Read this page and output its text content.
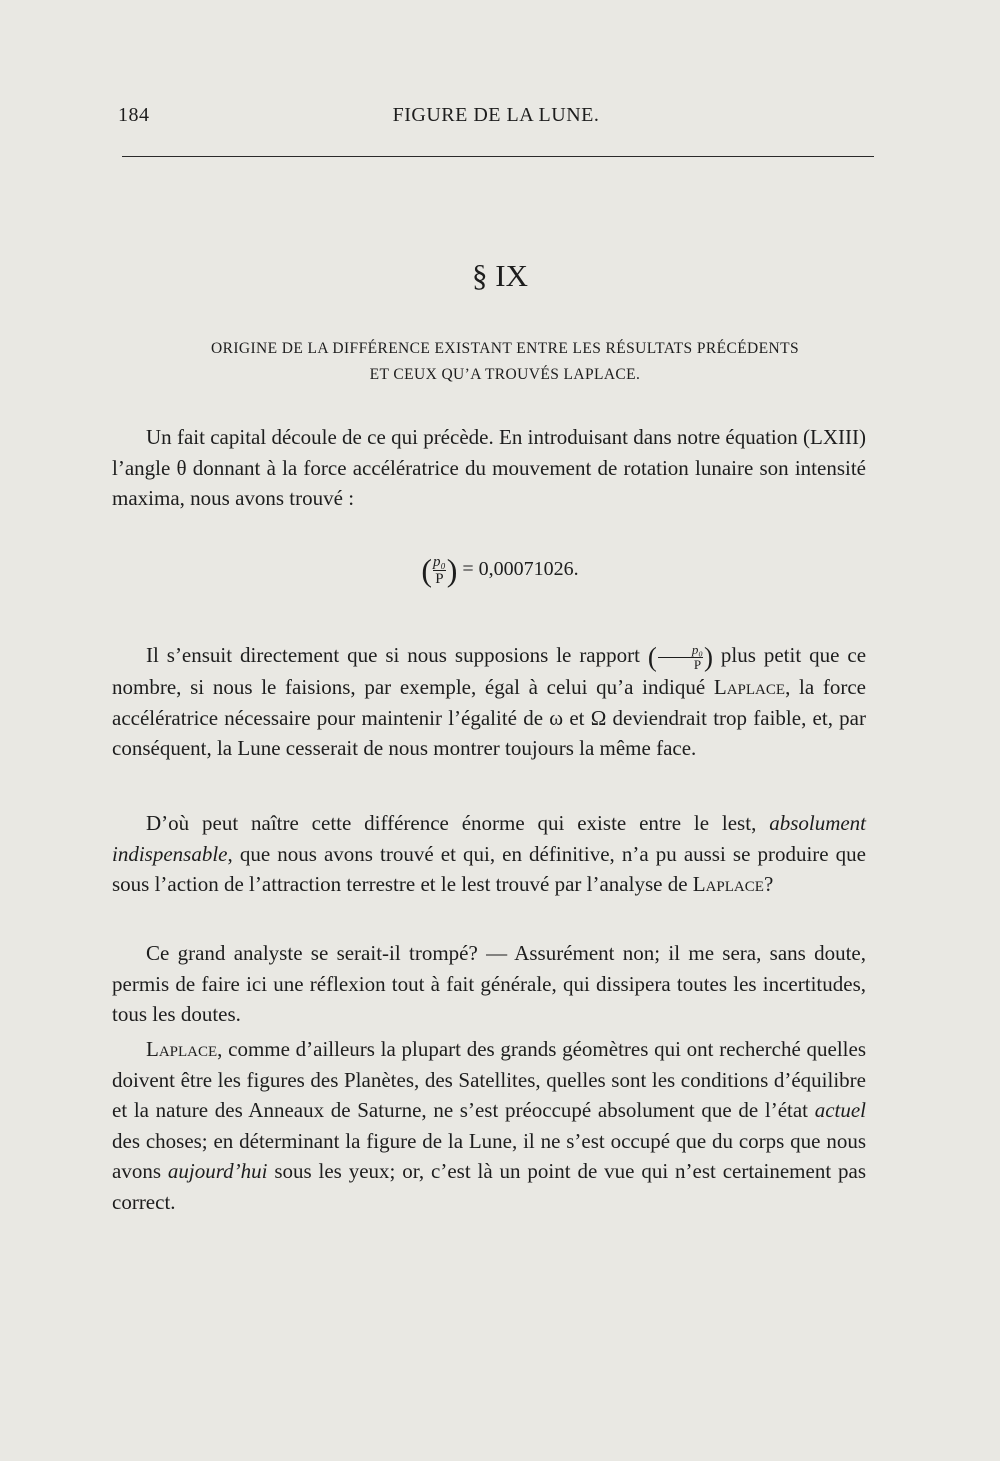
184	FIGURE DE LA LUNE.
§ IX
ORIGINE DE LA DIFFÉRENCE EXISTANT ENTRE LES RÉSULTATS PRÉCÉDENTS
ET CEUX QU’A TROUVÉS LAPLACE.

Un fait capital découle de ce qui précède. En introduisant dans notre équation (LXIII) l’angle θ donnant à la force accélératrice du mouvement de rotation lunaire son intensité maxima, nous avons trouvé :

( $\frac{\text{p₀}}{P}$ ) = 0,00071026.

Il s’ensuit directement que si nous supposions le rapport ( $\frac{\text{p₀}}{P}$ ) plus petit que ce nombre, si nous le faisions, par exemple, égal à celui qu’a indiqué Laplace, la force accélératrice nécessaire pour maintenir l’égalité de ω et Ω deviendrait trop faible, et, par conséquent, la Lune cesserait de nous montrer toujours la même face.

D’où peut naître cette différence énorme qui existe entre le lest, absolument indispensable, que nous avons trouvé et qui, en définitive, n’a pu aussi se produire que sous l’action de l’attraction terrestre et le lest trouvé par l’analyse de Laplace?

Ce grand analyste se serait-il trompé? — Assurément non; il me sera, sans doute, permis de faire ici une réflexion tout à fait générale, qui dissipera toutes les incertitudes, tous les doutes.

Laplace, comme d’ailleurs la plupart des grands géomètres qui ont recherché quelles doivent être les figures des Planètes, des Satellites, quelles sont les conditions d’équilibre et la nature des Anneaux de Saturne, ne s’est préoccupé absolument que de l’état actuel des choses; en déterminant la figure de la Lune, il ne s’est occupé que du corps que nous avons aujourd’hui sous les yeux; or, c’est là un point de vue qui n’est certainement pas correct.
